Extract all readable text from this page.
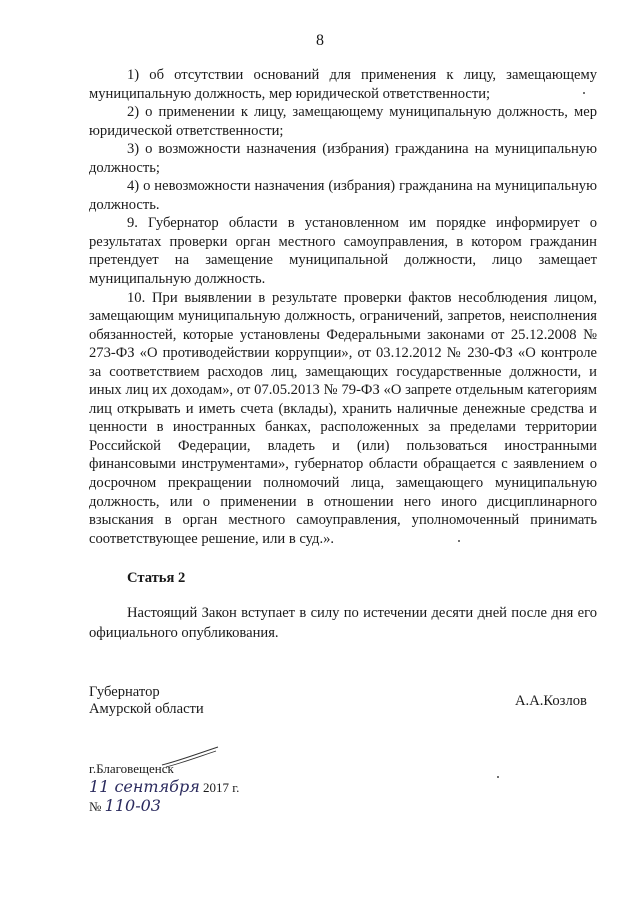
8

1) об отсутствии оснований для применения к лицу, замещающему муниципальную должность, мер юридической ответственности;

2) о применении к лицу, замещающему муниципальную должность, мер юридической ответственности;

3) о возможности назначения (избрания) гражданина на муниципальную должность;

4) о невозможности назначения (избрания) гражданина на муниципальную должность.

9. Губернатор области в установленном им порядке информирует о результатах проверки орган местного самоуправления, в котором гражданин претендует на замещение муниципальной должности, лицо замещает муниципальную должность.

10. При выявлении в результате проверки фактов несоблюдения лицом, замещающим муниципальную должность, ограничений, запретов, неисполнения обязанностей, которые установлены Федеральными законами от 25.12.2008 № 273-ФЗ «О противодействии коррупции», от 03.12.2012 № 230-ФЗ «О контроле за соответствием расходов лиц, замещающих государственные должности, и иных лиц их доходам», от 07.05.2013 № 79-ФЗ «О запрете отдельным категориям лиц открывать и иметь счета (вклады), хранить наличные денежные средства и ценности в иностранных банках, расположенных за пределами территории Российской Федерации, владеть и (или) пользоваться иностранными финансовыми инструментами», губернатор области обращается с заявлением о досрочном прекращении полномочий лица, замещающего муниципальную должность, или о применении в отношении него иного дисциплинарного взыскания в орган местного самоуправления, уполномоченный принимать соответствующее решение, или в суд.».

Статья 2

Настоящий Закон вступает в силу по истечении десяти дней после дня его официального опубликования.

Губернатор
Амурской области	А.А.Козлов
г.Благовещенск
11 сентября 2017 г.
№ 110-03
